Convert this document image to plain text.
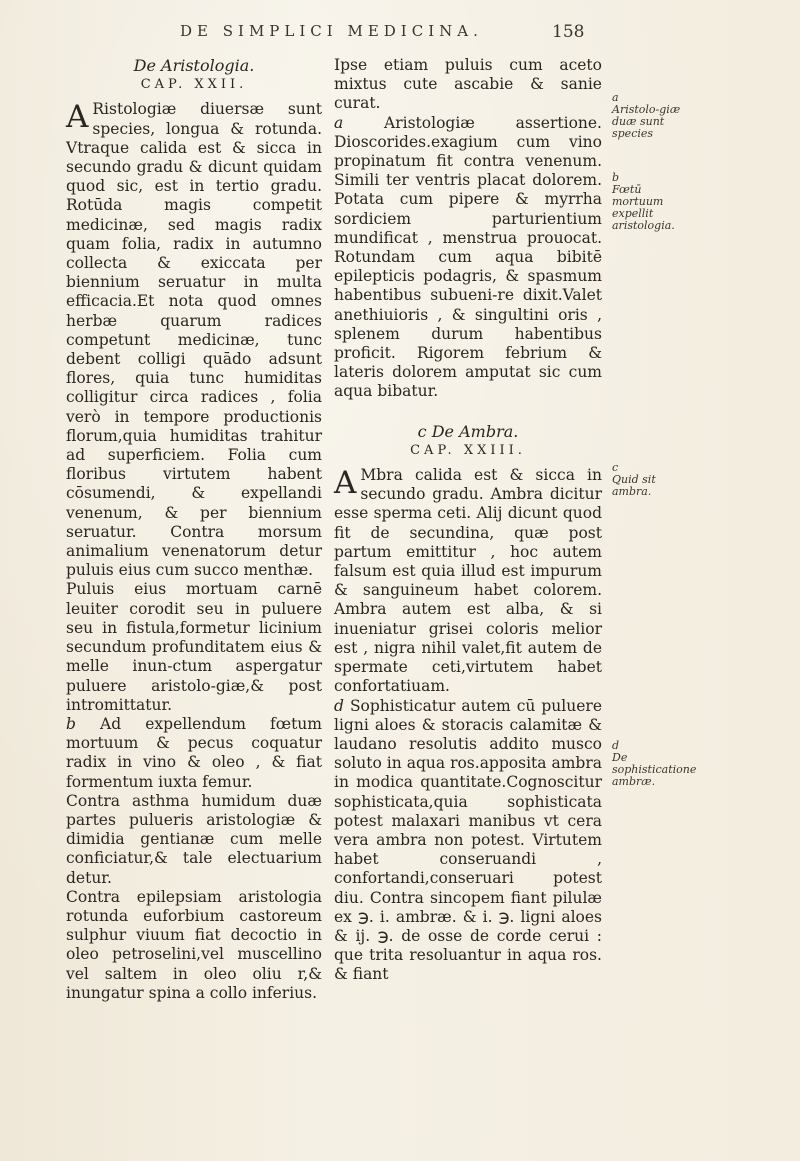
DE SIMPLICI MEDICINA.	158
De Aristologia.
CAP. XXII.

A Ristologiæ diuersæ sunt species, longua & rotunda. Vtraque calida est & sicca in secundo gradu & dicunt quidam quod sic, est in tertio gradu. Rotūda magis competit medicinæ, sed magis radix quam folia, radix in autumno collecta & exiccata per biennium seruatur in multa efficacia.Et nota quod omnes herbæ quarum radices competunt medicinæ, tunc debent colligi quādo adsunt flores, quia tunc humiditas colligitur circa radices , folia verò in tempore productionis florum,quia humiditas trahitur ad superficiem. Folia cum floribus virtutem habent cōsumendi, & expellandi venenum, & per biennium seruatur. Contra morsum animalium venenatorum detur puluis eius cum succo menthæ.

Puluis eius mortuam carnē leuiter corodit seu in puluere seu in fistula,formetur licinium secundum profunditatem eius & melle inun-ctum aspergatur puluere aristolo-giæ,& post intromittatur.

b Ad expellendum fœtum mortuum & pecus coquatur radix in vino & oleo , & fiat formentum iuxta femur.

Contra asthma humidum duæ partes pulueris aristologiæ & dimidia gentianæ cum melle conficiatur,& tale electuarium detur.

Contra epilepsiam aristologia rotunda euforbium castoreum sulphur viuum fiat decoctio in oleo petroselini,vel muscellino vel saltem in oleo oliu r,& inungatur spina a collo inferius.

Ipse etiam puluis cum aceto mixtus cute ascabie & sanie curat.

a	Aristologiæ assertione. Dioscorides.exagium cum vino propinatum fit contra venenum. Simili ter ventris placat dolorem. Potata cum pipere & myrrha sordiciem parturientium mundificat , menstrua prouocat. Rotundam cum aqua bibitē epilepticis podagris, & spasmum habentibus subueni-re dixit.Valet anethiuioris , & singultini oris , splenem durum habentibus proficit. Rigorem febrium & lateris dolorem amputat sic cum aqua bibatur.

c De Ambra.
CAP. XXIII.

A Mbra calida est & sicca in secundo gradu. Ambra dicitur esse sperma ceti. Alij dicunt quod fit de secundina, quæ post partum emittitur , hoc autem falsum est quia illud est impurum & sanguineum habet colorem. Ambra autem est alba, & si inueniatur grisei coloris melior est , nigra nihil valet,fit autem de spermate ceti,virtutem habet confortatiuam.

d Sophisticatur autem cū puluere ligni aloes & storacis calamitæ & laudano resolutis addito musco soluto in aqua ros.apposita ambra in modica quantitate.Cognoscitur sophisticata,quia sophisticata potest malaxari manibus vt cera vera ambra non potest. Virtutem habet conseruandi , confortandi,conseruari potest diu. Contra sincopem fiant pilulæ ex ℈. i. ambræ. & i. ℈. ligni aloes & ij. ℈. de osse de corde cerui : que trita resoluantur in aqua ros. & fiant

a
Aristolo-giæ duæ sunt species
b
Fœtū mortuum expellit aristologia.
c
Quid sit ambra.
d
De sophisticatione ambræ.
